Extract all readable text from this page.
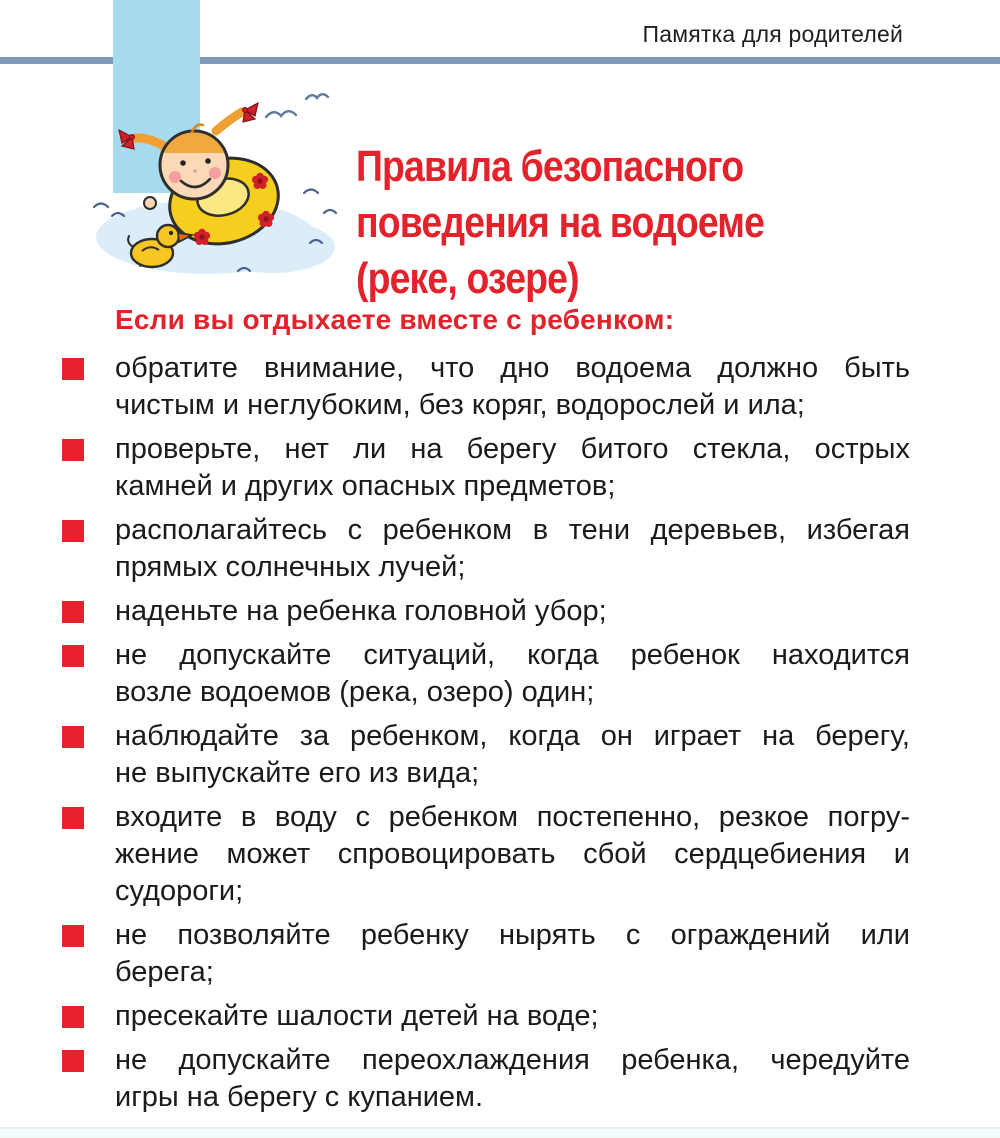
Памятка для родителей
Правила безопасного
поведения на водоеме
(реке, озере)
Если вы отдыхаете вместе с ребенком:
обратите внимание, что дно водоема должно быть
чистым и неглубоким, без коряг, водорослей и ила;
проверьте, нет ли на берегу битого стекла, острых
камней и других опасных предметов;
располагайтесь с ребенком в тени деревьев, избегая
прямых солнечных лучей;
наденьте на ребенка головной убор;
не допускайте ситуаций, когда ребенок находится
возле водоемов (река, озеро) один;
наблюдайте за ребенком, когда он играет на берегу,
не выпускайте его из вида;
входите в воду с ребенком постепенно, резкое погру-
жение может спровоцировать сбой сердцебиения и
судороги;
не позволяйте ребенку нырять с ограждений или
берега;
пресекайте шалости детей на воде;
не допускайте переохлаждения ребенка, чередуйте
игры на берегу с купанием.
